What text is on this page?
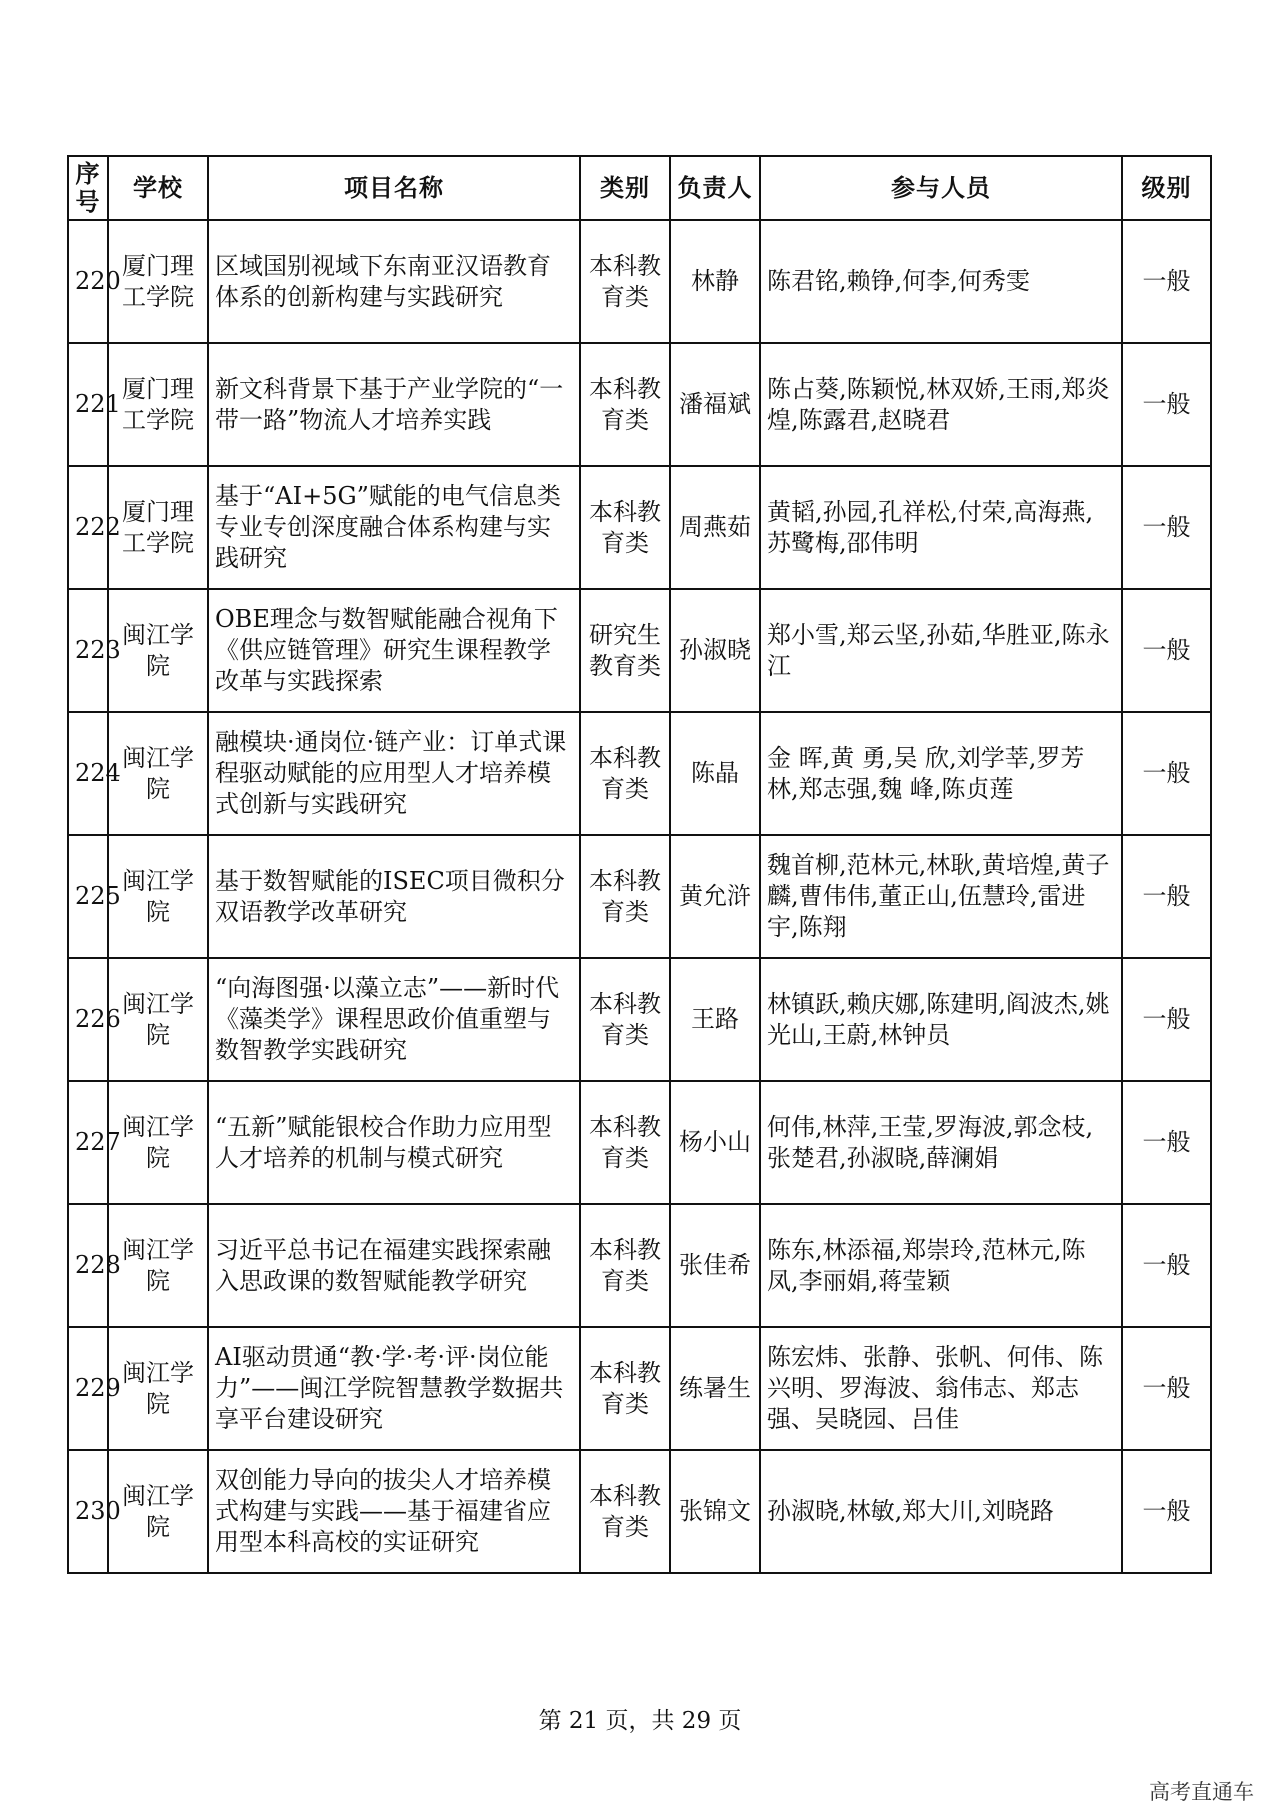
序号	学校	项目名称	类别	负责人	参与人员	级别
220	厦门理工学院	区域国别视域下东南亚汉语教育体系的创新构建与实践研究	本科教育类	林静	陈君铭,赖铮,何李,何秀雯	一般
221	厦门理工学院	新文科背景下基于产业学院的“一带一路”物流人才培养实践	本科教育类	潘福斌	陈占葵,陈颖悦,林双娇,王雨,郑炎煌,陈露君,赵晓君	一般
222	厦门理工学院	基于“AI+5G”赋能的电气信息类专业专创深度融合体系构建与实践研究	本科教育类	周燕茹	黄韬,孙园,孔祥松,付荣,高海燕,苏鹭梅,邵伟明	一般
223	闽江学院	OBE理念与数智赋能融合视角下《供应链管理》研究生课程教学改革与实践探索	研究生教育类	孙淑晓	郑小雪,郑云坚,孙茹,华胜亚,陈永江	一般
224	闽江学院	融模块·通岗位·链产业：订单式课程驱动赋能的应用型人才培养模式创新与实践研究	本科教育类	陈晶	金 晖,黄 勇,吴 欣,刘学莘,罗芳林,郑志强,魏 峰,陈贞莲	一般
225	闽江学院	基于数智赋能的ISEC项目微积分双语教学改革研究	本科教育类	黄允浒	魏首柳,范林元,林耿,黄培煌,黄子麟,曹伟伟,董正山,伍慧玲,雷进宇,陈翔	一般
226	闽江学院	“向海图强·以藻立志”——新时代《藻类学》课程思政价值重塑与数智教学实践研究	本科教育类	王路	林镇跃,赖庆娜,陈建明,阎波杰,姚光山,王蔚,林钟员	一般
227	闽江学院	“五新”赋能银校合作助力应用型人才培养的机制与模式研究	本科教育类	杨小山	何伟,林萍,王莹,罗海波,郭念枝,张楚君,孙淑晓,薛澜娟	一般
228	闽江学院	习近平总书记在福建实践探索融入思政课的数智赋能教学研究	本科教育类	张佳希	陈东,林添福,郑崇玲,范林元,陈凤,李丽娟,蒋莹颖	一般
229	闽江学院	AI驱动贯通“教·学·考·评·岗位能力”——闽江学院智慧教学数据共享平台建设研究	本科教育类	练暑生	陈宏炜、张静、张帆、何伟、陈兴明、罗海波、翁伟志、郑志强、吴晓园、吕佳	一般
230	闽江学院	双创能力导向的拔尖人才培养模式构建与实践——基于福建省应用型本科高校的实证研究	本科教育类	张锦文	孙淑晓,林敏,郑大川,刘晓路	一般
第 21 页，共 29 页
高考直通车
